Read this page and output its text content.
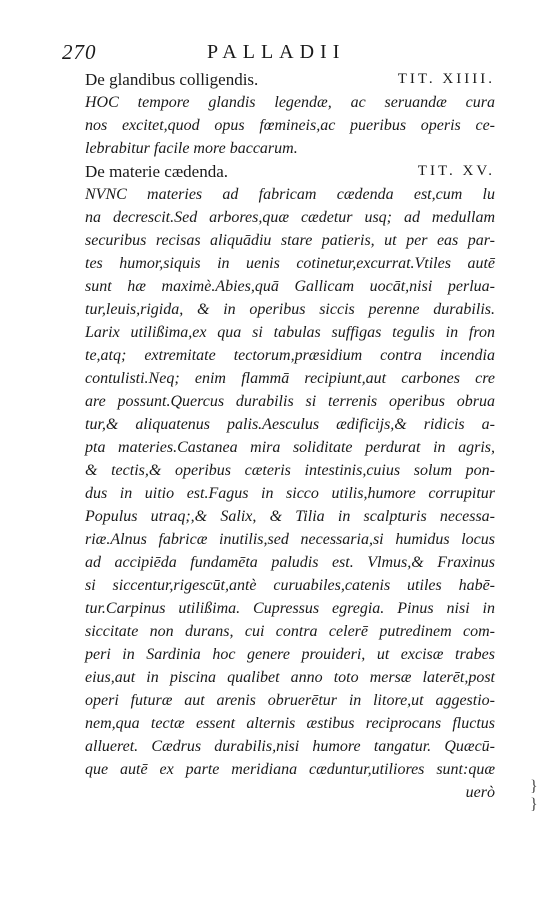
270	PALLADII
De glandibus colligendis.	TIT. XIIII.
HOC tempore glandis legendæ, ac seruandæ cura
nos excitet,quod opus fœmineis,ac pueribus operis ce-
lebrabitur facile more baccarum.
De materie cædenda.	TIT. XV.
NVNC materies ad fabricam cædenda est,cum lu
na decrescit.Sed arbores,quæ cædetur usq; ad medullam
securibus recisas aliquādiu stare patieris, ut per eas par-
tes humor,siquis in uenis cotinetur,excurrat.Vtiles autē
sunt hæ maximè.Abies,quā Gallicam uocāt,nisi perlua-
tur,leuis,rigida, & in operibus siccis perenne durabilis.
Larix utilißima,ex qua si tabulas suffigas tegulis in fron
te,atq; extremitate tectorum,præsidium contra incendia
contulisti.Neq; enim flammā recipiunt,aut carbones cre
are possunt.Quercus durabilis si terrenis operibus obrua
tur,& aliquatenus palis.Aesculus ædificijs,& ridicis a-
pta materies.Castanea mira soliditate perdurat in agris,
& tectis,& operibus cæteris intestinis,cuius solum pon-
dus in uitio est.Fagus in sicco utilis,humore corrupitur
Populus utraq;,& Salix, & Tilia in scalpturis necessa-
riæ.Alnus fabricæ inutilis,sed necessaria,si humidus locus
ad accipiēda fundamēta paludis est. Vlmus,& Fraxinus
si siccentur,rigescūt,antè curuabiles,catenis utiles habē-
tur.Carpinus utilißima. Cupressus egregia. Pinus nisi in
siccitate non durans, cui contra celerē putredinem com-
peri in Sardinia hoc genere prouideri, ut excisæ trabes
eius,aut in piscina qualibet anno toto mersæ laterēt,post
operi futuræ aut arenis obruerētur in litore,ut aggestio-
nem,qua tectæ essent alternis æstibus reciprocans fluctus
allueret. Cædrus durabilis,nisi humore tangatur. Quæcū-
que autē ex parte meridiana cæduntur,utiliores sunt:quæ
uerò }
}
